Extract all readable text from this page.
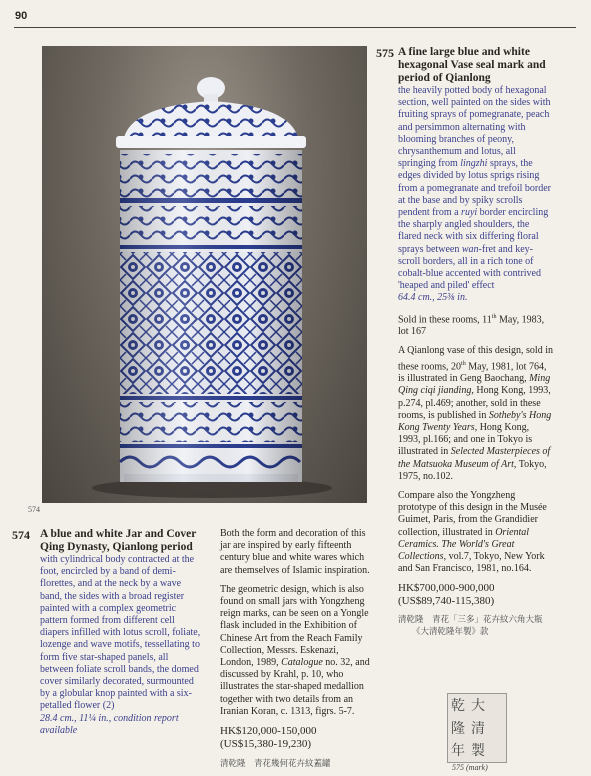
90
574
575 A fine large blue and white hexagonal Vase seal mark and period of Qianlong
the heavily potted body of hexagonal section, well painted on the sides with fruiting sprays of pomegranate, peach and persimmon alternating with blooming branches of peony, chrysanthemum and lotus, all springing from lingzhi sprays, the edges divided by lotus sprigs rising from a pomegranate and trefoil border at the base and by spiky scrolls pendent from a ruyi border encircling the sharply angled shoulders, the flared neck with six differing floral sprays between wan-fret and key-scroll borders, all in a rich tone of cobalt-blue accented with contrived 'heaped and piled' effect
64.4 cm., 25⅜ in.

Sold in these rooms, 11th May, 1983, lot 167

A Qianlong vase of this design, sold in these rooms, 20th May, 1981, lot 764, is illustrated in Geng Baochang, Ming Qing ciqi jianding, Hong Kong, 1993, p.274, pl.469; another, sold in these rooms, is published in Sotheby's Hong Kong Twenty Years, Hong Kong, 1993, pl.166; and one in Tokyo is illustrated in Selected Masterpieces of the Matsuoka Museum of Art, Tokyo, 1975, no.102.

Compare also the Yongzheng prototype of this design in the Musée Guimet, Paris, from the Grandidier collection, illustrated in Oriental Ceramics. The World's Great Collections, vol.7, Tokyo, New York and San Francisco, 1981, no.164.

HK$700,000-900,000
(US$89,740-115,380)
清乾隆　青花「三多」花卉紋六角大瓶
《大清乾隆年製》款
乾 大
隆 清
年 製
575 (mark)
574 A blue and white Jar and Cover Qing Dynasty, Qianlong period
with cylindrical body contracted at the foot, encircled by a band of demi-florettes, and at the neck by a wave band, the sides with a broad register painted with a complex geometric pattern formed from different cell diapers infilled with lotus scroll, foliate, lozenge and wave motifs, tessellating to form five star-shaped panels, all between foliate scroll bands, the domed cover similarly decorated, surmounted by a globular knop painted with a six-petalled flower (2)
28.4 cm., 11¼ in., condition report available

Both the form and decoration of this jar are inspired by early fifteenth century blue and white wares which are themselves of Islamic inspiration.

The geometric design, which is also found on small jars with Yongzheng reign marks, can be seen on a Yongle flask included in the Exhibition of Chinese Art from the Reach Family Collection, Messrs. Eskenazi, London, 1989, Catalogue no. 32, and discussed by Krahl, p. 10, who illustrates the star-shaped medallion together with two details from an Iranian Koran, c. 1313, figrs. 5-7.

HK$120,000-150,000
(US$15,380-19,230)
清乾隆　青花幾何花卉紋蓋罐
